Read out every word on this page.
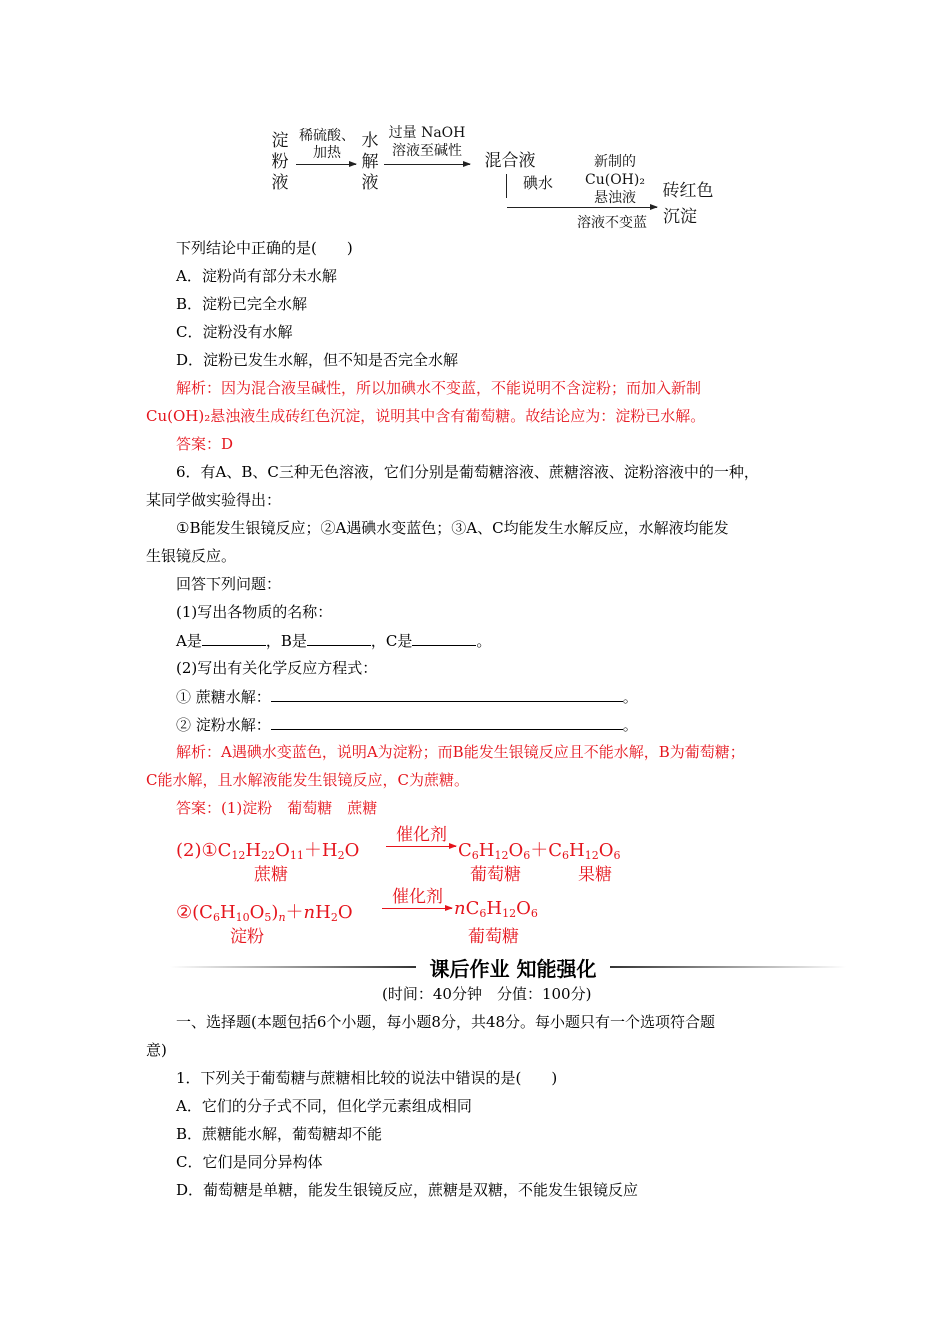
淀粉液
稀硫酸、
加热
水解液
过量 NaOH
溶液至碱性	混合液
碘水
新制的
Cu(OH)₂
悬浊液
溶液不变蓝
砖红色
沉淀
下列结论中正确的是(　　)
A．淀粉尚有部分未水解
B．淀粉已完全水解
C．淀粉没有水解
D．淀粉已发生水解，但不知是否完全水解
解析：因为混合液呈碱性，所以加碘水不变蓝，不能说明不含淀粉；而加入新制
Cu(OH)₂悬浊液生成砖红色沉淀，说明其中含有葡萄糖。故结论应为：淀粉已水解。
答案：D
6．有A、B、C三种无色溶液，它们分别是葡萄糖溶液、蔗糖溶液、淀粉溶液中的一种，
某同学做实验得出：
①B能发生银镜反应；②A遇碘水变蓝色；③A、C均能发生水解反应，水解液均能发
生银镜反应。
回答下列问题：
(1)写出各物质的名称：
A是	，B是	，C是	。
(2)写出有关化学反应方程式：
① 蔗糖水解：	。
② 淀粉水解：	。
解析：A遇碘水变蓝色，说明A为淀粉；而B能发生银镜反应且不能水解，B为葡萄糖；
C能水解，且水解液能发生银镜反应，C为蔗糖。
答案：(1)淀粉　葡萄糖　蔗糖
$(2)①C_{12}H_{22}O_{11}+H_2O$
催化剂
$C_6H_{12}O_6+C_6H_{12}O_6$
蔗糖	葡萄糖	果糖
$②(C_6H_{10}O_5)_n+nH_2O$
催化剂
$nC_6H_{12}O_6$
淀粉	葡萄糖
课后作业 知能强化
(时间：40分钟　分值：100分)
一、选择题(本题包括6个小题，每小题8分，共48分。每小题只有一个选项符合题
意)
1．下列关于葡萄糖与蔗糖相比较的说法中错误的是(　　)
A．它们的分子式不同，但化学元素组成相同
B．蔗糖能水解，葡萄糖却不能
C．它们是同分异构体
D．葡萄糖是单糖，能发生银镜反应，蔗糖是双糖，不能发生银镜反应
